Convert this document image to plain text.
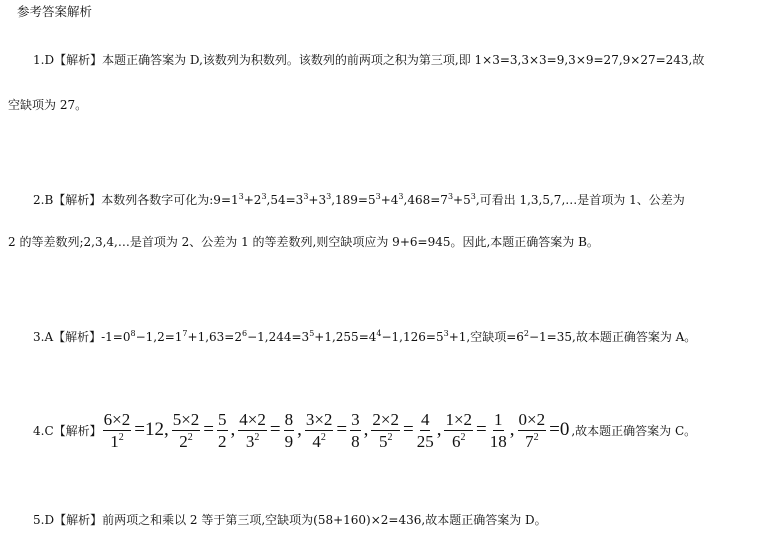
参考答案解析
1.D【解析】本题正确答案为 D,该数列为积数列。该数列的前两项之积为第三项,即 1×3=3,3×3=9,3×9=27,9×27=243,故
空缺项为 27。
2.B【解析】本数列各数字可化为$:9=1^3+2^3,54=3^3+3^3,189=5^3+4^3,468=7^3+5^3$,可看出 1,3,5,7,…是首项为 1、公差为
2 的等差数列;2,3,4,…是首项为 2、公差为 1 的等差数列,则空缺项应为 9+6=945。因此,本题正确答案为 B。
3.A【解析】$-1=0^8-1,2=1^7+1,63=2^6-1,244=3^5+1,255=4^4-1,126=5^3+1$,空缺项$=6^2-1=35$,故本题正确答案为 A。
4.C【解析】 $\frac{6\times 2}{1^2} =12$, $\frac{5\times 2}{2^2} = \frac{5}{2}$ , $\frac{4\times 2}{3^2} = \frac{8}{9}$ , $\frac{3\times 2}{4^2} = \frac{3}{8}$ , $\frac{2\times 2}{5^2} = \frac{4}{25}$ , $\frac{1\times 2}{6^2} = \frac{1}{18}$ , $\frac{0\times 2}{7^2} =0$ ,故本题正确答案为 C。
5.D【解析】前两项之和乘以 2 等于第三项,空缺项为(58+160)×2=436,故本题正确答案为 D。
